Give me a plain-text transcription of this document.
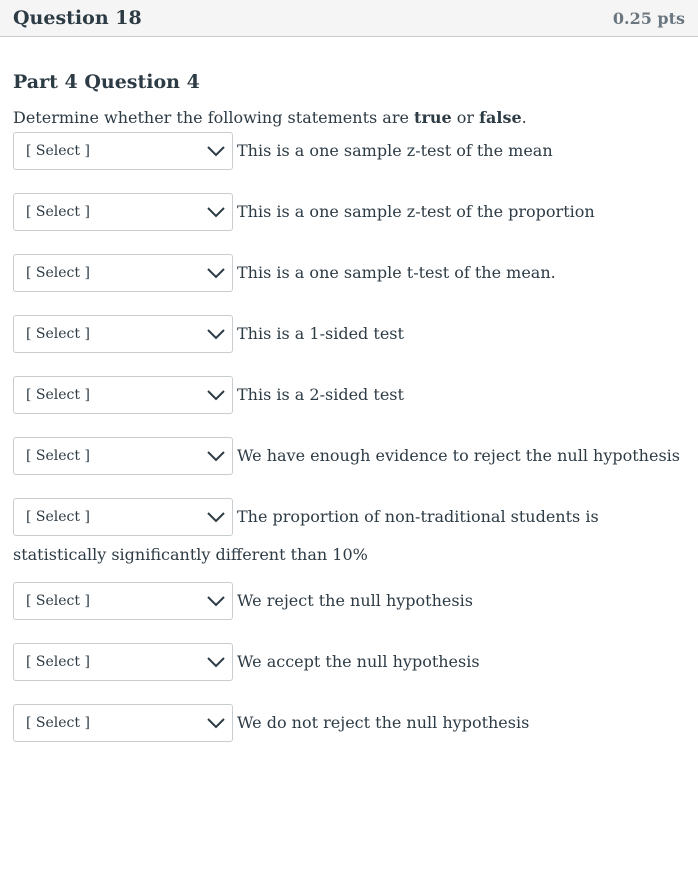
Question 18	0.25 pts
Part 4 Question 4
Determine whether the following statements are true or false.
[ Select ]	This is a one sample z-test of the mean
[ Select ]	This is a one sample z-test of the proportion
[ Select ]	This is a one sample t-test of the mean.
[ Select ]	This is a 1-sided test
[ Select ]	This is a 2-sided test
[ Select ]	We have enough evidence to reject the null hypothesis
[ Select ]	The proportion of non-traditional students is statistically significantly different than 10%
[ Select ]	We reject the null hypothesis
[ Select ]	We accept the null hypothesis
[ Select ]	We do not reject the null hypothesis
